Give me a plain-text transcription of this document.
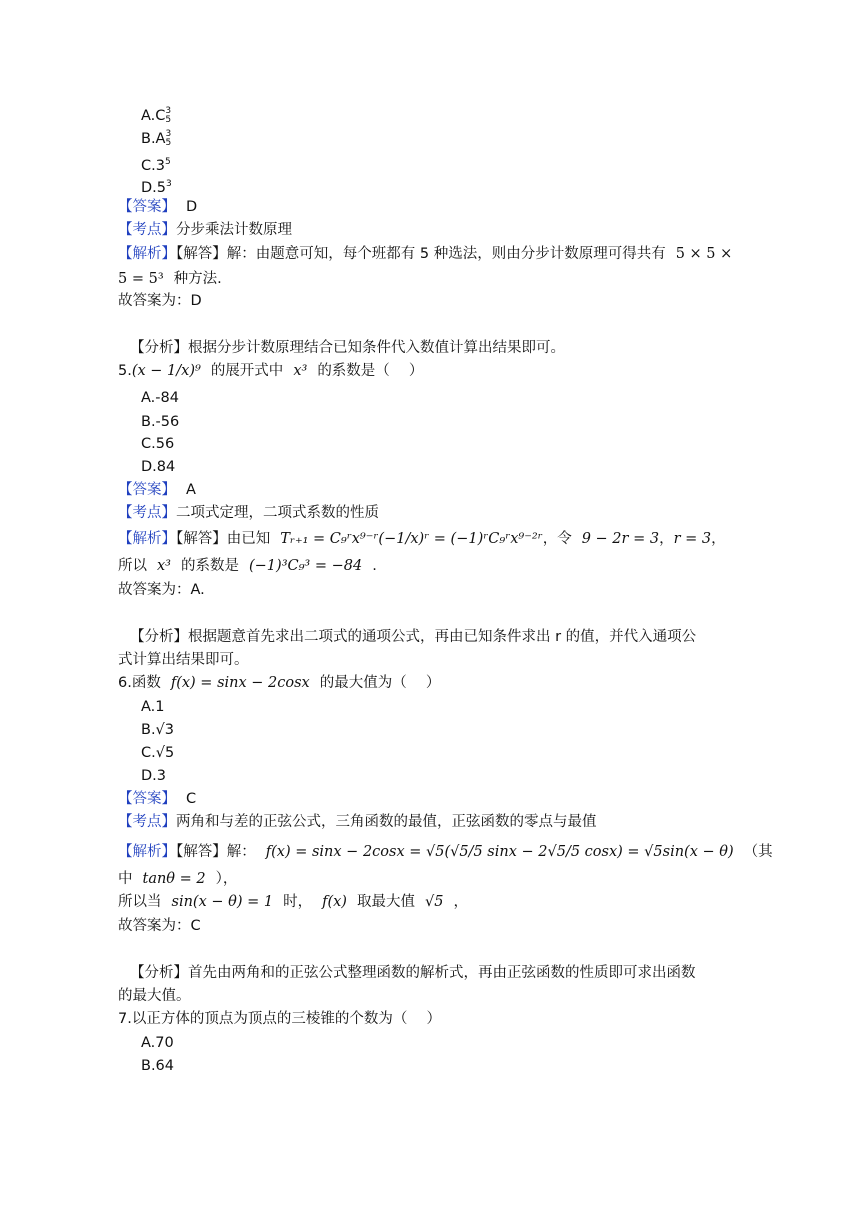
A.C 3
5
B.A 3
5
$C.3^5$
$D.5^3$
【答案】 D
【考点】分步乘法计数原理
【解析】【解答】解：由题意可知，每个班都有 5 种选法，则由分步计数原理可得共有 5 × 5 ×
5 = 5³ 种方法.
故答案为：D
【分析】根据分步计数原理结合已知条件代入数值计算出结果即可。
5.(x − 1/x)⁹ 的展开式中 x³ 的系数是（　 ）
A.-84
B.-56
C.56
D.84
【答案】 A
【考点】二项式定理，二项式系数的性质
【解析】【解答】由已知 Tᵣ₊₁ = C₉ʳx⁹⁻ʳ(−1/x)ʳ = (−1)ʳC₉ʳx⁹⁻²ʳ，令 9 − 2r = 3，r = 3，
所以 x³ 的系数是 (−1)³C₉³ = −84 .
故答案为：A.
【分析】根据题意首先求出二项式的通项公式，再由已知条件求出 r 的值，并代入通项公
式计算出结果即可。
6.函数 f(x) = sinx − 2cosx 的最大值为（　 ）
A.1
B.√3
C.√5
D.3
【答案】 C
【考点】两角和与差的正弦公式，三角函数的最值，正弦函数的零点与最值
【解析】【解答】解： f(x) = sinx − 2cosx = √5(√5/5 sinx − 2√5/5 cosx) = √5sin(x − θ) （其
中 tanθ = 2 ），
所以当 sin(x − θ) = 1 时， f(x) 取最大值 √5 ，
故答案为：C
【分析】首先由两角和的正弦公式整理函数的解析式，再由正弦函数的性质即可求出函数
的最大值。
7.以正方体的顶点为顶点的三棱锥的个数为（　 ）
A.70
B.64
